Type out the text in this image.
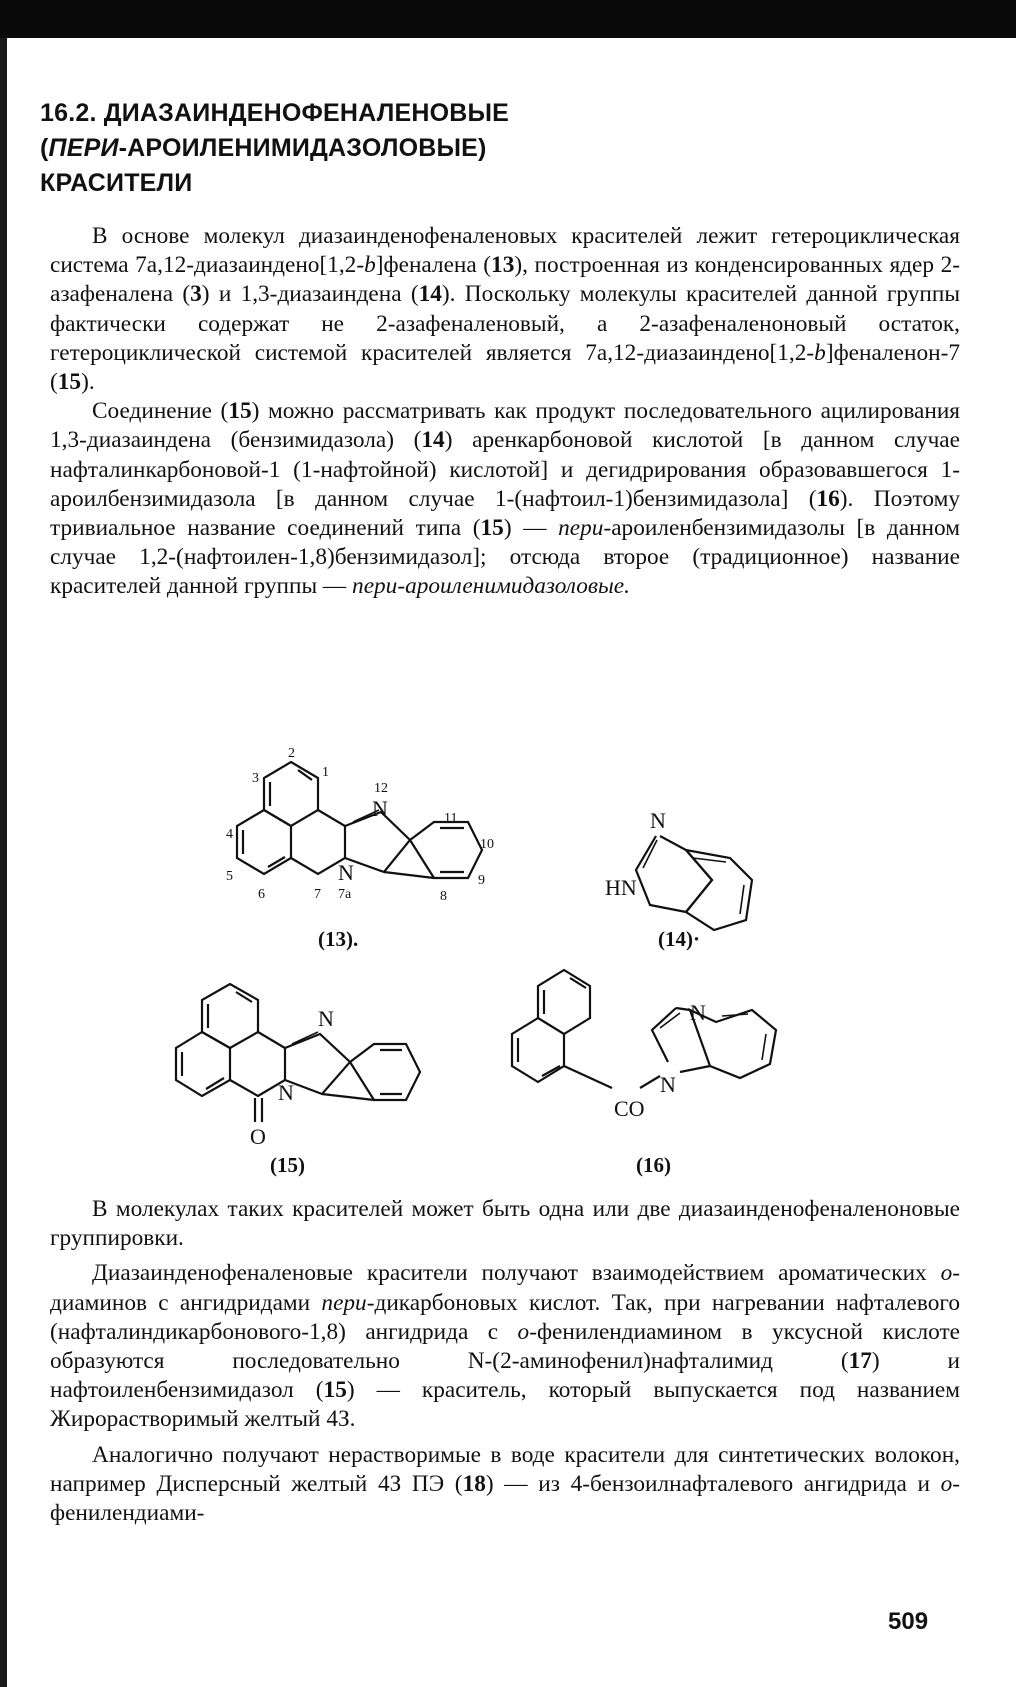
16.2. ДИАЗАИНДЕНОФЕНАЛЕНОВЫЕ
(ПЕРИ-АРОИЛЕНИМИДАЗОЛОВЫЕ)
КРАСИТЕЛИ

В основе молекул диазаинденофеналеновых красителей лежит гетероциклическая система 7а,12-диазаиндено[1,2-b]феналена (13), построенная из конденсированных ядер 2-азафеналена (3) и 1,3-диазаиндена (14). Поскольку молекулы красителей данной группы фактически содержат не 2-азафеналеновый, а 2-азафеналеноновый остаток, гетероциклической системой красителей является 7а,12-диазаиндено[1,2-b]феналенон-7 (15).

Соединение (15) можно рассматривать как продукт последовательного ацилирования 1,3-диазаиндена (бензимидазола) (14) аренкарбоновой кислотой [в данном случае нафталинкарбоновой-1 (1-нафтойной) кислотой] и дегидрирования образовавшегося 1-ароилбензимидазола [в данном случае 1-(нафтоил-1)бензимидазола] (16). Поэтому тривиальное название соединений типа (15) — пери-ароиленбензимидазолы [в данном случае 1,2-(нафтоилен-1,8)бензимидазол]; отсюда второе (традиционное) название красителей данной группы — пери-ароиленимидазоловые.

2
1
3
4
5
6	7 7а	8
9
10
11
12
N
N
N
HN
N
N
O
N
N
CO
(13).	(14)·
(15)	(16)

В молекулах таких красителей может быть одна или две диазаинденофеналеноновые группировки.

Диазаинденофеналеновые красители получают взаимодействием ароматических о-диаминов с ангидридами пери-дикарбоновых кислот. Так, при нагревании нафталевого (нафталиндикарбонового-1,8) ангидрида с о-фенилендиамином в уксусной кислоте образуются последовательно N-(2-аминофенил)нафталимид (17) и нафтоиленбензимидазол (15) — краситель, который выпускается под названием Жирорастворимый желтый 4З.

Аналогично получают нерастворимые в воде красители для синтетических волокон, например Дисперсный желтый 4З ПЭ (18) — из 4-бензоилнафталевого ангидрида и о-фенилендиами-

509
